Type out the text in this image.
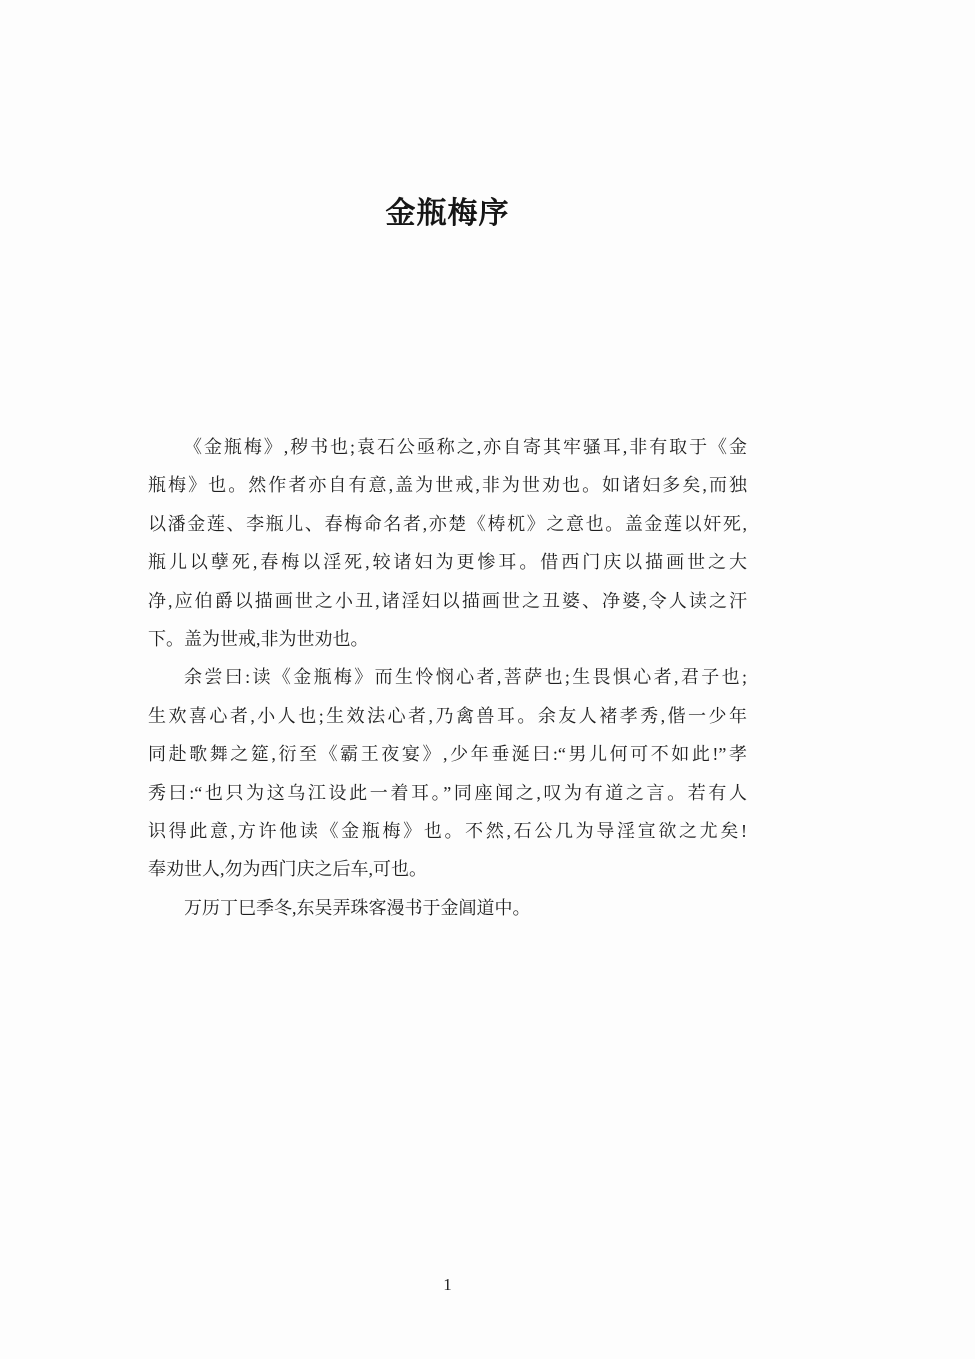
金瓶梅序
《金瓶梅》,秽书也;袁石公亟称之,亦自寄其牢骚耳,非有取于《金
瓶梅》也。然作者亦自有意,盖为世戒,非为世劝也。如诸妇多矣,而独
以潘金莲、李瓶儿、春梅命名者,亦楚《梼杌》之意也。盖金莲以奸死,
瓶儿以孽死,春梅以淫死,较诸妇为更惨耳。借西门庆以描画世之大
净,应伯爵以描画世之小丑,诸淫妇以描画世之丑婆、净婆,令人读之汗
下。盖为世戒,非为世劝也。
余尝曰:读《金瓶梅》而生怜悯心者,菩萨也;生畏惧心者,君子也;
生欢喜心者,小人也;生效法心者,乃禽兽耳。余友人褚孝秀,偕一少年
同赴歌舞之筵,衍至《霸王夜宴》,少年垂涎曰:“男儿何可不如此!”孝
秀曰:“也只为这乌江设此一着耳。”同座闻之,叹为有道之言。若有人
识得此意,方许他读《金瓶梅》也。不然,石公几为导淫宣欲之尤矣!
奉劝世人,勿为西门庆之后车,可也。
万历丁巳季冬,东吴弄珠客漫书于金阊道中。
1
